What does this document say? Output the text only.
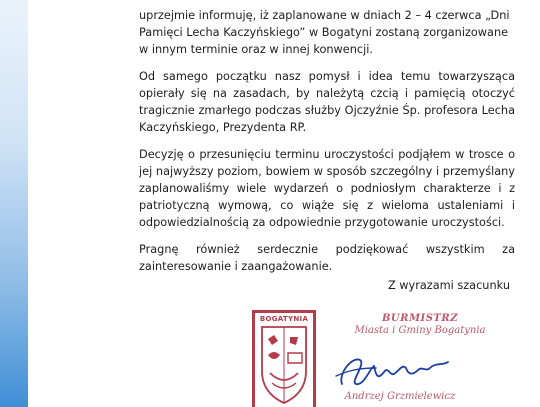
uprzejmie informuję, iż zaplanowane w dniach 2 – 4 czerwca „Dni Pamięci Lecha Kaczyńskiego” w Bogatyni zostaną zorganizowane w innym terminie oraz w innej konwencji.

Od samego początku nasz pomysł i idea temu towarzysząca opierały się na zasadach, by należytą czcią i pamięcią otoczyć tragicznie zmarłego podczas służby Ojczyźnie Śp. profesora Lecha Kaczyńskiego, Prezydenta RP.

Decyzję o przesunięciu terminu uroczystości podjąłem w trosce o jej najwyższy poziom, bowiem w sposób szczególny i przemyślany zaplanowaliśmy wiele wydarzeń o podniosłym charakterze i z patriotyczną wymową, co wiąże się z wieloma ustaleniami i odpowiedzialnością za odpowiednie przygotowanie uroczystości.

Pragnę również serdecznie podziękować wszystkim za zainteresowanie i zaangażowanie.

Z wyrazami szacunku
BOGATYNIA	BURMISTRZ
Miasta i Gminy Bogatynia
Andrzej Grzmielewicz
